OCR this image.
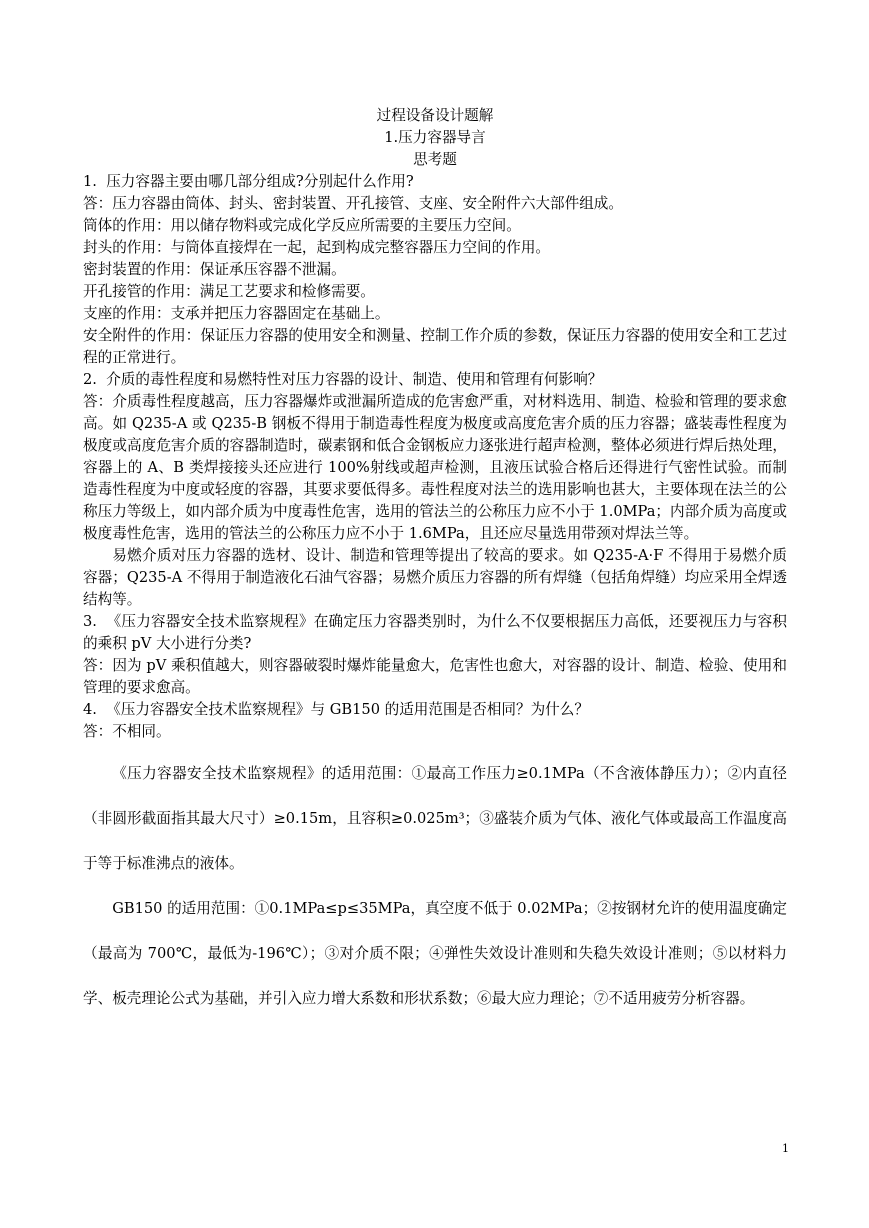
过程设备设计题解

1.压力容器导言

思考题

1.  压力容器主要由哪几部分组成?分别起什么作用?

答：压力容器由筒体、封头、密封装置、开孔接管、支座、安全附件六大部件组成。

筒体的作用：用以储存物料或完成化学反应所需要的主要压力空间。

封头的作用：与筒体直接焊在一起，起到构成完整容器压力空间的作用。

密封装置的作用：保证承压容器不泄漏。

开孔接管的作用：满足工艺要求和检修需要。

支座的作用：支承并把压力容器固定在基础上。

安全附件的作用：保证压力容器的使用安全和测量、控制工作介质的参数，保证压力容器的使用安全和工艺过程的正常进行。

2.  介质的毒性程度和易燃特性对压力容器的设计、制造、使用和管理有何影响？

答：介质毒性程度越高，压力容器爆炸或泄漏所造成的危害愈严重，对材料选用、制造、检验和管理的要求愈高。如 Q235-A 或 Q235-B 钢板不得用于制造毒性程度为极度或高度危害介质的压力容器；盛装毒性程度为极度或高度危害介质的容器制造时，碳素钢和低合金钢板应力逐张进行超声检测，整体必须进行焊后热处理，容器上的 A、B 类焊接接头还应进行 100%射线或超声检测，且液压试验合格后还得进行气密性试验。而制造毒性程度为中度或轻度的容器，其要求要低得多。毒性程度对法兰的选用影响也甚大，主要体现在法兰的公称压力等级上，如内部介质为中度毒性危害，选用的管法兰的公称压力应不小于 1.0MPa；内部介质为高度或极度毒性危害，选用的管法兰的公称压力应不小于 1.6MPa，且还应尽量选用带颈对焊法兰等。

易燃介质对压力容器的选材、设计、制造和管理等提出了较高的要求。如 Q235-A·F 不得用于易燃介质容器；Q235-A 不得用于制造液化石油气容器；易燃介质压力容器的所有焊缝（包括角焊缝）均应采用全焊透结构等。

3.  《压力容器安全技术监察规程》在确定压力容器类别时，为什么不仅要根据压力高低，还要视压力与容积的乘积 pV 大小进行分类?

答：因为 pV 乘积值越大，则容器破裂时爆炸能量愈大，危害性也愈大，对容器的设计、制造、检验、使用和管理的要求愈高。

4.  《压力容器安全技术监察规程》与 GB150 的适用范围是否相同？为什么？

答：不相同。

《压力容器安全技术监察规程》的适用范围：①最高工作压力≥0.1MPa（不含液体静压力）；②内直径（非圆形截面指其最大尺寸）≥0.15m，且容积≥0.025m³；③盛装介质为气体、液化气体或最高工作温度高于等于标准沸点的液体。

GB150 的适用范围：①0.1MPa≤p≤35MPa，真空度不低于 0.02MPa；②按钢材允许的使用温度确定（最高为 700℃，最低为-196℃）；③对介质不限；④弹性失效设计准则和失稳失效设计准则；⑤以材料力学、板壳理论公式为基础，并引入应力增大系数和形状系数；⑥最大应力理论；⑦不适用疲劳分析容器。

1
